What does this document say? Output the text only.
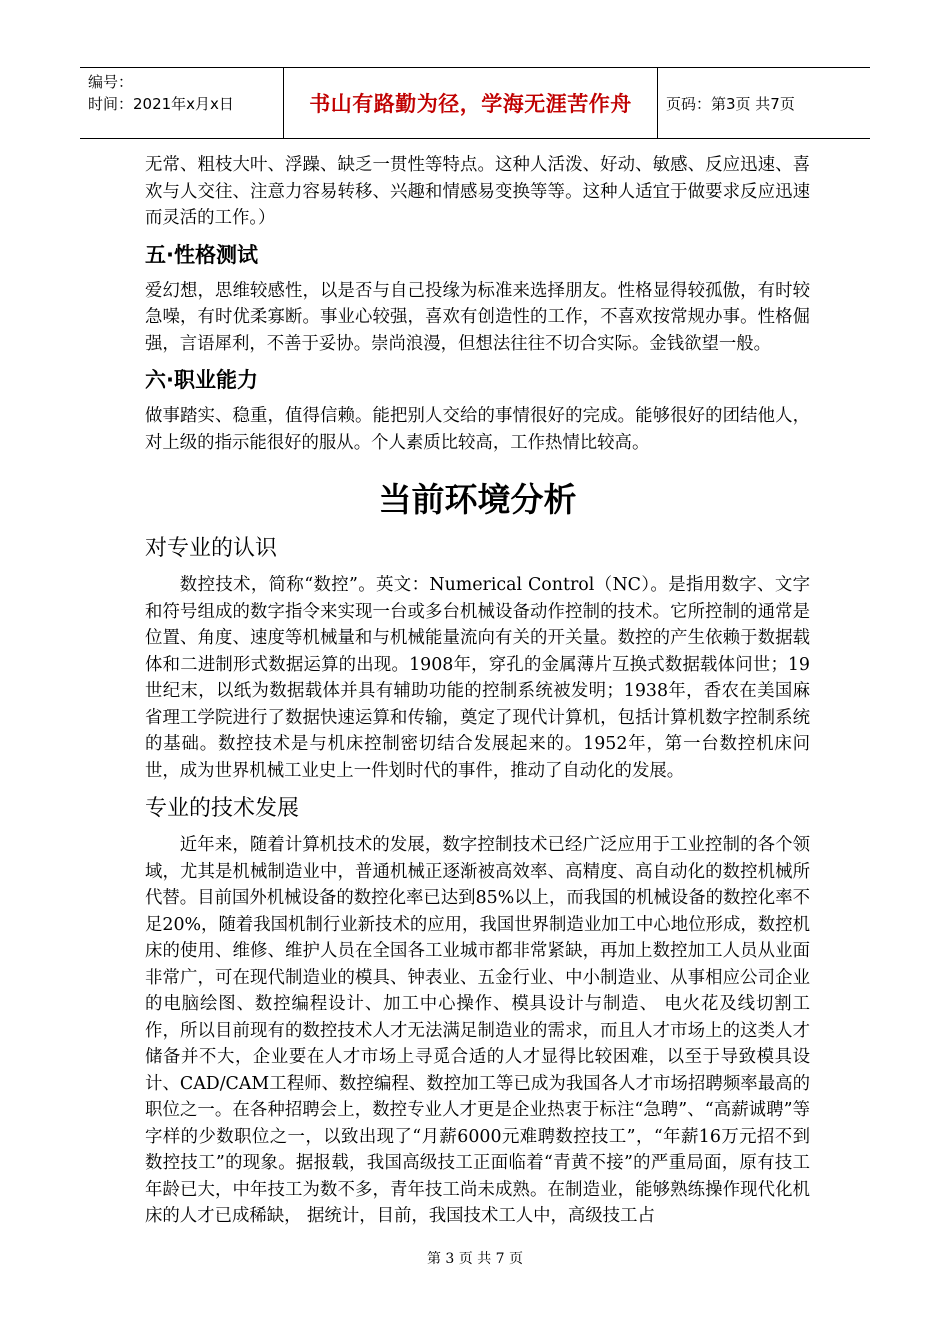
编号：
时间：2021年x月x日	书山有路勤为径，学海无涯苦作舟	页码：第3页 共7页

无常、粗枝大叶、浮躁、缺乏一贯性等特点。这种人活泼、好动、敏感、反应迅速、喜欢与人交往、注意力容易转移、兴趣和情感易变换等等。这种人适宜于做要求反应迅速而灵活的工作。）

五·性格测试

爱幻想，思维较感性，以是否与自己投缘为标准来选择朋友。性格显得较孤傲，有时较急噪，有时优柔寡断。事业心较强，喜欢有创造性的工作，不喜欢按常规办事。性格倔强，言语犀利，不善于妥协。崇尚浪漫，但想法往往不切合实际。金钱欲望一般。

六·职业能力

做事踏实、稳重，值得信赖。能把别人交给的事情很好的完成。能够很好的团结他人，对上级的指示能很好的服从。个人素质比较高，工作热情比较高。

当前环境分析
对专业的认识

数控技术，简称“数控”。英文：Numerical Control（NC）。是指用数字、文字和符号组成的数字指令来实现一台或多台机械设备动作控制的技术。它所控制的通常是位置、角度、速度等机械量和与机械能量流向有关的开关量。数控的产生依赖于数据载体和二进制形式数据运算的出现。1908年，穿孔的金属薄片互换式数据载体问世；19世纪末，以纸为数据载体并具有辅助功能的控制系统被发明；1938年，香农在美国麻省理工学院进行了数据快速运算和传输，奠定了现代计算机，包括计算机数字控制系统的基础。数控技术是与机床控制密切结合发展起来的。1952年，第一台数控机床问世，成为世界机械工业史上一件划时代的事件，推动了自动化的发展。

专业的技术发展

近年来，随着计算机技术的发展，数字控制技术已经广泛应用于工业控制的各个领域，尤其是机械制造业中，普通机械正逐渐被高效率、高精度、高自动化的数控机械所代替。目前国外机械设备的数控化率已达到85%以上，而我国的机械设备的数控化率不足20%，随着我国机制行业新技术的应用，我国世界制造业加工中心地位形成，数控机床的使用、维修、维护人员在全国各工业城市都非常紧缺，再加上数控加工人员从业面非常广，可在现代制造业的模具、钟表业、五金行业、中小制造业、从事相应公司企业的电脑绘图、数控编程设计、加工中心操作、模具设计与制造、 电火花及线切割工作，所以目前现有的数控技术人才无法满足制造业的需求，而且人才市场上的这类人才储备并不大，企业要在人才市场上寻觅合适的人才显得比较困难，以至于导致模具设计、CAD/CAM工程师、数控编程、数控加工等已成为我国各人才市场招聘频率最高的职位之一。在各种招聘会上，数控专业人才更是企业热衷于标注“急聘”、“高薪诚聘”等字样的少数职位之一，以致出现了“月薪6000元难聘数控技工”，“年薪16万元招不到数控技工”的现象。据报载，我国高级技工正面临着“青黄不接”的严重局面，原有技工年龄已大，中年技工为数不多，青年技工尚未成熟。在制造业，能够熟练操作现代化机床的人才已成稀缺， 据统计，目前，我国技术工人中，高级技工占

第 3 页 共 7 页
